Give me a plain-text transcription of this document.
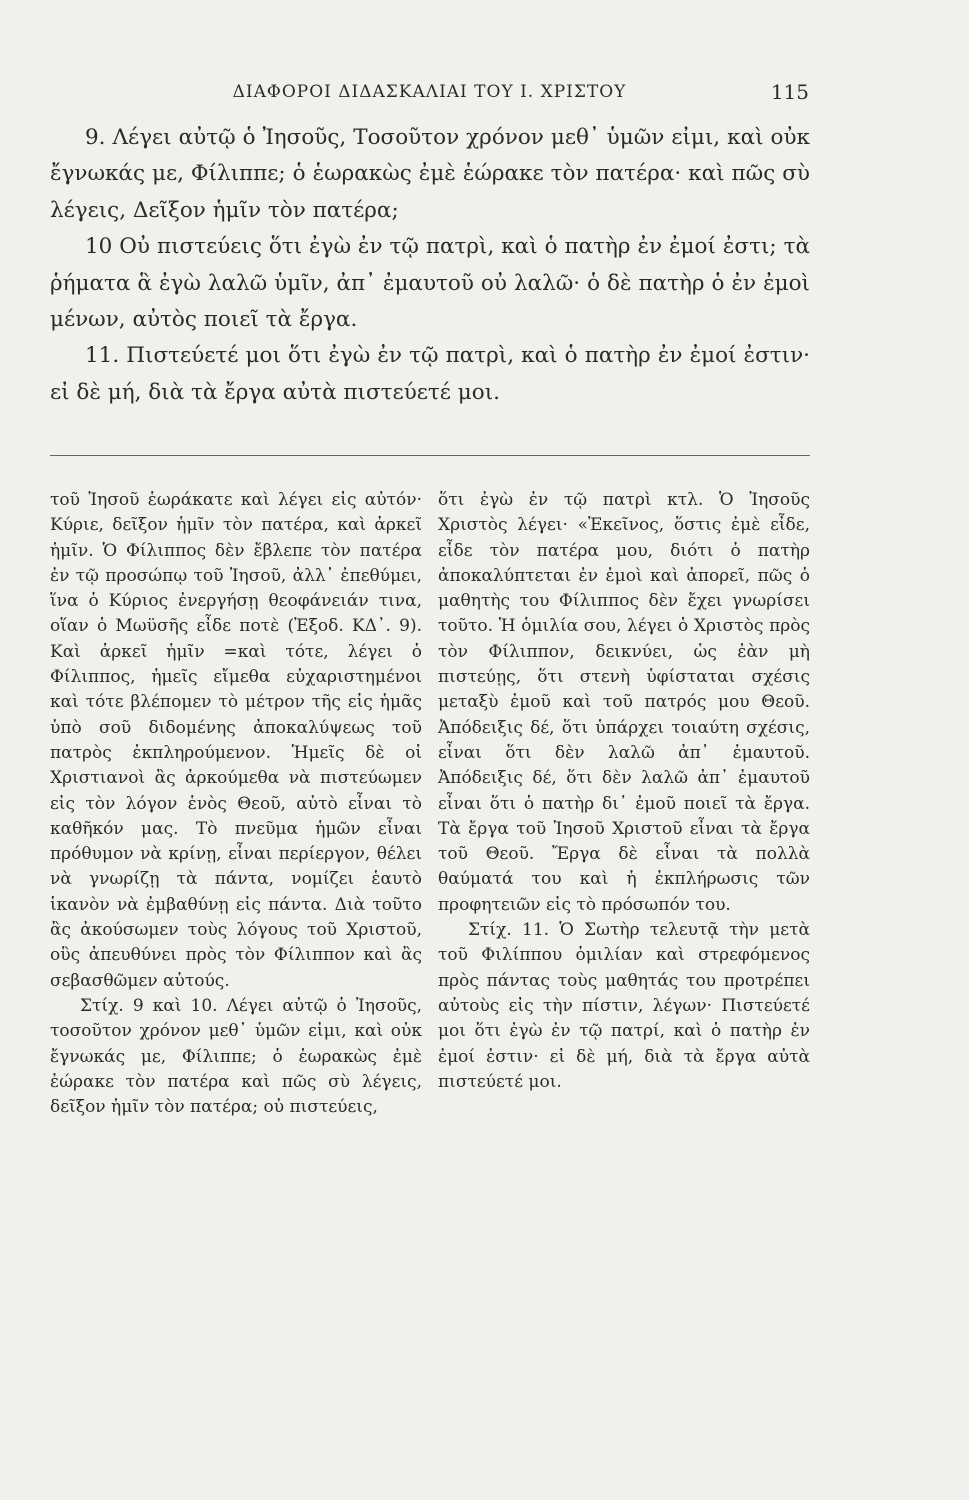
ΔΙΑΦΟΡΟΙ ΔΙΔΑΣΚΑΛΙΑΙ ΤΟΥ Ι. ΧΡΙΣΤΟΥ	115

9. Λέγει αὐτῷ ὁ Ἰησοῦς, Τοσοῦτον χρόνον μεθ᾿ ὑμῶν εἰμι, καὶ οὐκ ἔγνωκάς με, Φίλιππε; ὁ ἑωρακὼς ἐμὲ ἑώρακε τὸν πατέρα· καὶ πῶς σὺ λέγεις, Δεῖξον ἡμῖν τὸν πατέρα;

10 Οὐ πιστεύεις ὅτι ἐγὼ ἐν τῷ πατρὶ, καὶ ὁ πατὴρ ἐν ἐμοί ἐστι; τὰ ῥήματα ἃ ἐγὼ λαλῶ ὑμῖν, ἀπ᾿ ἐμαυτοῦ οὐ λαλῶ· ὁ δὲ πατὴρ ὁ ἐν ἐμοὶ μένων, αὐτὸς ποιεῖ τὰ ἔργα.

11. Πιστεύετέ μοι ὅτι ἐγὼ ἐν τῷ πατρὶ, καὶ ὁ πατὴρ ἐν ἐμοί ἐστιν· εἰ δὲ μή, διὰ τὰ ἔργα αὐτὰ πιστεύετέ μοι.

τοῦ Ἰησοῦ ἑωράκατε καὶ λέγει εἰς αὐτόν· Κύριε, δεῖξον ἡμῖν τὸν πατέρα, καὶ ἀρκεῖ ἡμῖν. Ὁ Φίλιππος δὲν ἔβλεπε τὸν πατέρα ἐν τῷ προσώπῳ τοῦ Ἰησοῦ, ἀλλ᾿ ἐπεθύμει, ἵνα ὁ Κύριος ἐνεργήσῃ θεοφάνειάν τινα, οἵαν ὁ Μωϋσῆς εἶδε ποτὲ (Ἐξοδ. ΚΔ᾿. 9). Καὶ ἀρκεῖ ἡμῖν =καὶ τότε, λέγει ὁ Φίλιππος, ἡμεῖς εἴμεθα εὐχαριστημένοι καὶ τότε βλέπομεν τὸ μέτρον τῆς εἰς ἡμᾶς ὑπὸ σοῦ διδομένης ἀποκαλύψεως τοῦ πατρὸς ἐκπληρούμενον. Ἡμεῖς δὲ οἱ Χριστιανοὶ ἂς ἀρκούμεθα νὰ πιστεύωμεν εἰς τὸν λόγον ἑνὸς Θεοῦ, αὐτὸ εἶναι τὸ καθῆκόν μας. Τὸ πνεῦμα ἡμῶν εἶναι πρόθυμον νὰ κρίνῃ, εἶναι περίεργον, θέλει νὰ γνωρίζῃ τὰ πάντα, νομίζει ἑαυτὸ ἱκανὸν νὰ ἐμβαθύνῃ εἰς πάντα. Διὰ τοῦτο ἂς ἀκούσωμεν τοὺς λόγους τοῦ Χριστοῦ, οὓς ἀπευθύνει πρὸς τὸν Φίλιππον καὶ ἂς σεβασθῶμεν αὐτούς.

Στίχ. 9 καὶ 10. Λέγει αὐτῷ ὁ Ἰησοῦς, τοσοῦτον χρόνον μεθ᾿ ὑμῶν εἰμι, καὶ οὐκ ἔγνωκάς με, Φίλιππε; ὁ ἑωρακὼς ἐμὲ ἑώρακε τὸν πατέρα καὶ πῶς σὺ λέγεις, δεῖξον ἡμῖν τὸν πατέρα; οὐ πιστεύεις,

ὅτι ἐγὼ ἐν τῷ πατρὶ κτλ. Ὁ Ἰησοῦς Χριστὸς λέγει· «Ἐκεῖνος, ὅστις ἐμὲ εἶδε, εἶδε τὸν πατέρα μου, διότι ὁ πατὴρ ἀποκαλύπτεται ἐν ἐμοὶ καὶ ἀπορεῖ, πῶς ὁ μαθητὴς του Φίλιππος δὲν ἔχει γνωρίσει τοῦτο. Ἡ ὁμιλία σου, λέγει ὁ Χριστὸς πρὸς τὸν Φίλιππον, δεικνύει, ὡς ἐὰν μὴ πιστεύῃς, ὅτι στενὴ ὑφίσταται σχέσις μεταξὺ ἐμοῦ καὶ τοῦ πατρός μου Θεοῦ. Ἀπόδειξις δέ, ὅτι ὑπάρχει τοιαύτη σχέσις, εἶναι ὅτι δὲν λαλῶ ἀπ᾿ ἐμαυτοῦ. Ἀπόδειξις δέ, ὅτι δὲν λαλῶ ἀπ᾿ ἐμαυτοῦ εἶναι ὅτι ὁ πατὴρ δι᾿ ἐμοῦ ποιεῖ τὰ ἔργα. Τὰ ἔργα τοῦ Ἰησοῦ Χριστοῦ εἶναι τὰ ἔργα τοῦ Θεοῦ. Ἔργα δὲ εἶναι τὰ πολλὰ θαύματά του καὶ ἡ ἐκπλήρωσις τῶν προφητειῶν εἰς τὸ πρόσωπόν του.

Στίχ. 11. Ὁ Σωτὴρ τελευτᾷ τὴν μετὰ τοῦ Φιλίππου ὁμιλίαν καὶ στρεφόμενος πρὸς πάντας τοὺς μαθητάς του προτρέπει αὐτοὺς εἰς τὴν πίστιν, λέγων· Πιστεύετέ μοι ὅτι ἐγὼ ἐν τῷ πατρί, καὶ ὁ πατὴρ ἐν ἐμοί ἐστιν· εἰ δὲ μή, διὰ τὰ ἔργα αὐτὰ πιστεύετέ μοι.
